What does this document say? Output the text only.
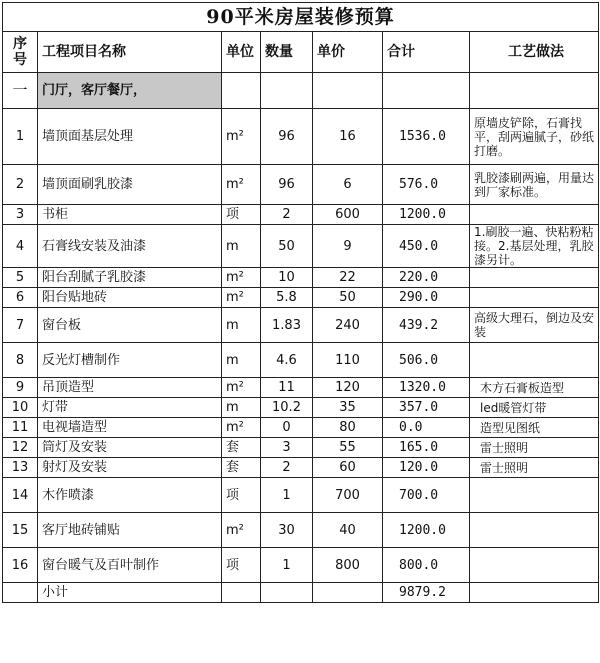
90平米房屋装修预算						
序
号	工程项目名称	单位	数量	单价	合计	工艺做法
一	门厅，客厅餐厅，					
1	墙顶面基层处理	m²	96	16	1536.0	原墙皮铲除，石膏找平，刮两遍腻子，砂纸打磨。
2	墙顶面刷乳胶漆	m²	96	6	576.0	乳胶漆刷两遍，用量达到厂家标准。
3	书柜	项	2	600	1200.0	
4	石膏线安装及油漆	m	50	9	450.0	1.刷胶一遍、快粘粉粘接。2.基层处理，乳胶漆另计。
5	阳台刮腻子乳胶漆	m²	10	22	220.0	
6	阳台贴地砖	m²	5.8	50	290.0	
7	窗台板	m	1.83	240	439.2	高级大理石，倒边及安装
8	反光灯槽制作	m	4.6	110	506.0	
9	吊顶造型	m²	11	120	1320.0	木方石膏板造型
10	灯带	m	10.2	35	357.0	led暖管灯带
11	电视墙造型	m²	0	80	0.0	造型见图纸
12	筒灯及安装	套	3	55	165.0	雷士照明
13	射灯及安装	套	2	60	120.0	雷士照明
14	木作喷漆	项	1	700	700.0	
15	客厅地砖铺贴	m²	30	40	1200.0	
16	窗台暖气及百叶制作	项	1	800	800.0	
	小计				9879.2	
